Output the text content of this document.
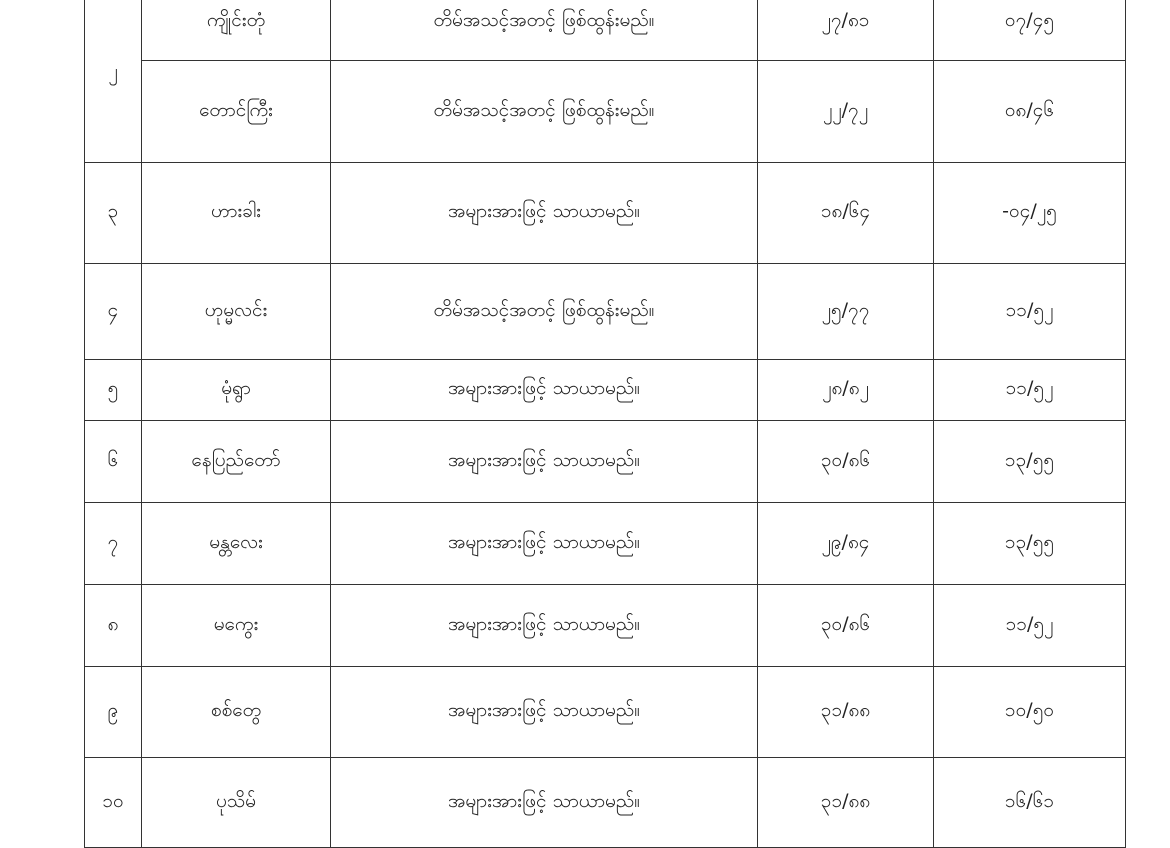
၂	ကျိုင်းတုံ	တိမ်အသင့်အတင့် ဖြစ်ထွန်းမည်။	၂၇/၈၁	၀၇/၄၅
	တောင်ကြီး	တိမ်အသင့်အတင့် ဖြစ်ထွန်းမည်။	၂၂/၇၂	၀၈/၄၆
၃	ဟားခါး	အများအားဖြင့် သာယာမည်။	၁၈/၆၄	-၀၄/၂၅
၄	ဟုမ္မလင်း	တိမ်အသင့်အတင့် ဖြစ်ထွန်းမည်။	၂၅/၇၇	၁၁/၅၂
၅	မုံရွာ	အများအားဖြင့် သာယာမည်။	၂၈/၈၂	၁၁/၅၂
၆	နေပြည်တော်	အများအားဖြင့် သာယာမည်။	၃၀/၈၆	၁၃/၅၅
၇	မန္တလေး	အများအားဖြင့် သာယာမည်။	၂၉/၈၄	၁၃/၅၅
၈	မကွေး	အများအားဖြင့် သာယာမည်။	၃၀/၈၆	၁၁/၅၂
၉	စစ်တွေ	အများအားဖြင့် သာယာမည်။	၃၁/၈၈	၁၀/၅၀
၁၀	ပုသိမ်	အများအားဖြင့် သာယာမည်။	၃၁/၈၈	၁၆/၆၁
